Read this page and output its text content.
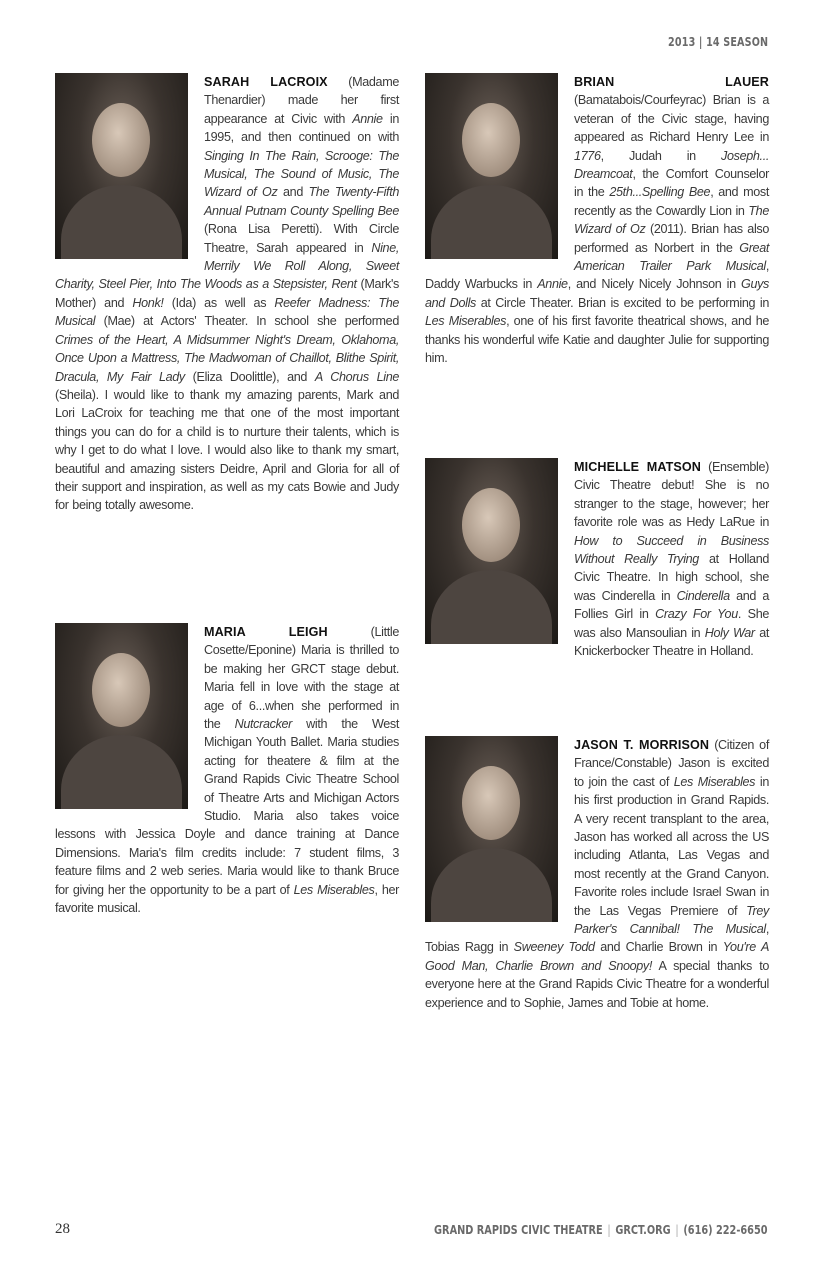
2013 | 14 SEASON
SARAH LACROIX (Madame Thenardier) made her first appearance at Civic with Annie in 1995, and then continued on with Singing In The Rain, Scrooge: The Musical, The Sound of Music, The Wizard of Oz and The Twenty-Fifth Annual Putnam County Spelling Bee (Rona Lisa Peretti). With Circle Theatre, Sarah appeared in Nine, Merrily We Roll Along, Sweet Charity, Steel Pier, Into The Woods as a Stepsister, Rent (Mark's Mother) and Honk! (Ida) as well as Reefer Madness: The Musical (Mae) at Actors' Theater. In school she performed Crimes of the Heart, A Midsummer Night's Dream, Oklahoma, Once Upon a Mattress, The Madwoman of Chaillot, Blithe Spirit, Dracula, My Fair Lady (Eliza Doolittle), and A Chorus Line (Sheila). I would like to thank my amazing parents, Mark and Lori LaCroix for teaching me that one of the most important things you can do for a child is to nurture their talents, which is why I get to do what I love. I would also like to thank my smart, beautiful and amazing sisters Deidre, April and Gloria for all of their support and inspiration, as well as my cats Bowie and Judy for being totally awesome.
MARIA LEIGH (Little Cosette/Eponine) Maria is thrilled to be making her GRCT stage debut. Maria fell in love with the stage at age of 6...when she performed in the Nutcracker with the West Michigan Youth Ballet. Maria studies acting for theatere & film at the Grand Rapids Civic Theatre School of Theatre Arts and Michigan Actors Studio. Maria also takes voice lessons with Jessica Doyle and dance training at Dance Dimensions. Maria's film credits include: 7 student films, 3 feature films and 2 web series. Maria would like to thank Bruce for giving her the opportunity to be a part of Les Miserables, her favorite musical.
BRIAN LAUER (Bamatabois/Courfeyrac) Brian is a veteran of the Civic stage, having appeared as Richard Henry Lee in 1776, Judah in Joseph... Dreamcoat, the Comfort Counselor in the 25th...Spelling Bee, and most recently as the Cowardly Lion in The Wizard of Oz (2011). Brian has also performed as Norbert in the Great American Trailer Park Musical, Daddy Warbucks in Annie, and Nicely Nicely Johnson in Guys and Dolls at Circle Theater. Brian is excited to be performing in Les Miserables, one of his first favorite theatrical shows, and he thanks his wonderful wife Katie and daughter Julie for supporting him.
MICHELLE MATSON (Ensemble) Civic Theatre debut! She is no stranger to the stage, however; her favorite role was as Hedy LaRue in How to Succeed in Business Without Really Trying at Holland Civic Theatre. In high school, she was Cinderella in Cinderella and a Follies Girl in Crazy For You. She was also Mansoulian in Holy War at Knickerbocker Theatre in Holland.
JASON T. MORRISON (Citizen of France/Constable) Jason is excited to join the cast of Les Miserables in his first production in Grand Rapids. A very recent transplant to the area, Jason has worked all across the US including Atlanta, Las Vegas and most recently at the Grand Canyon. Favorite roles include Israel Swan in the Las Vegas Premiere of Trey Parker's Cannibal! The Musical, Tobias Ragg in Sweeney Todd and Charlie Brown in You're A Good Man, Charlie Brown and Snoopy! A special thanks to everyone here at the Grand Rapids Civic Theatre for a wonderful experience and to Sophie, James and Tobie at home.
28	GRAND RAPIDS CIVIC THEATRE | GRCT.ORG | (616) 222-6650
